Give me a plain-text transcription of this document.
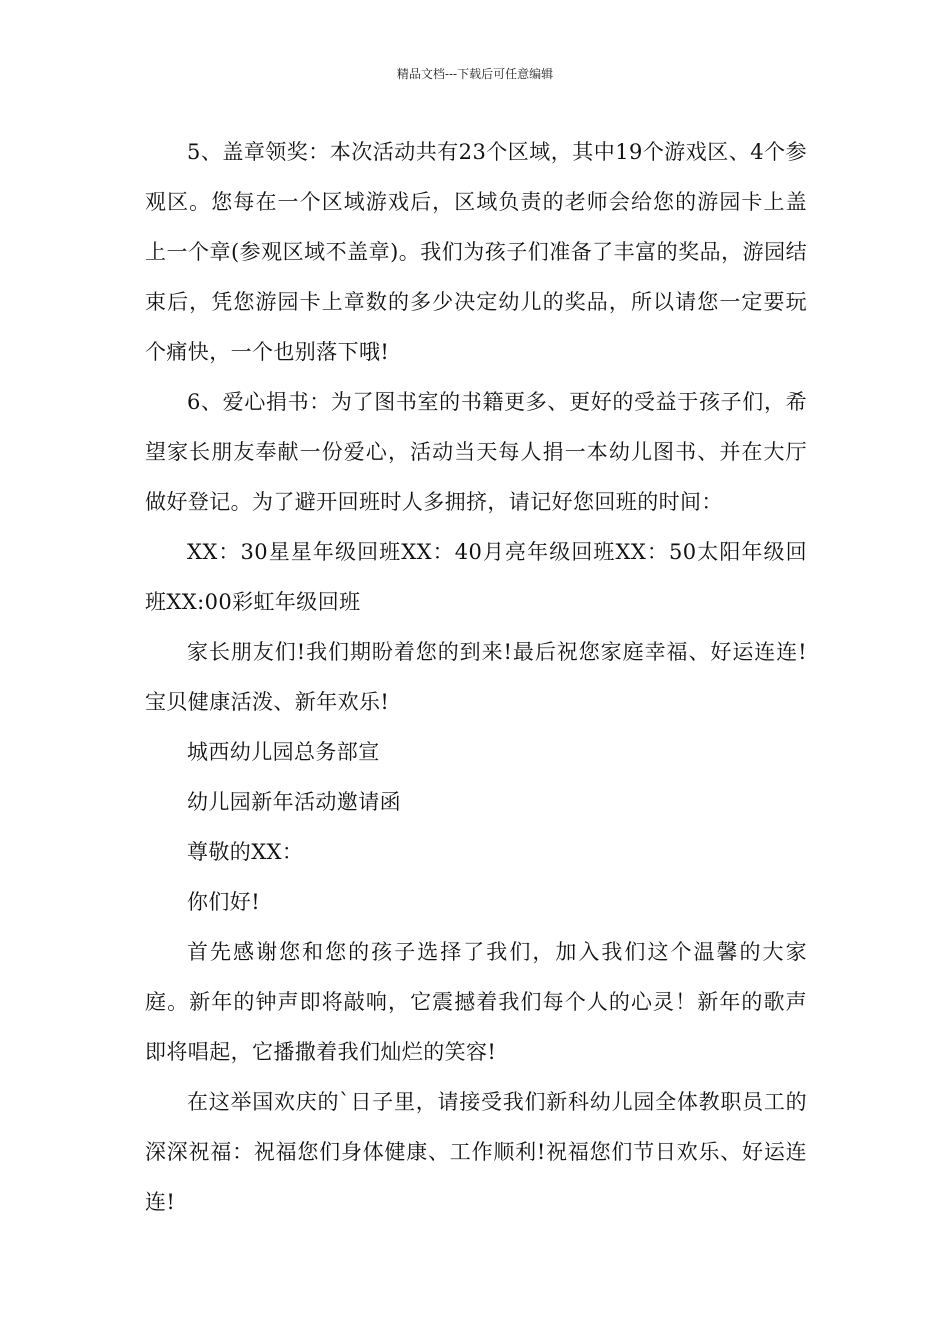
精品文档---下载后可任意编辑

5、盖章领奖：本次活动共有23个区域，其中19个游戏区、4个参观区。您每在一个区域游戏后，区域负责的老师会给您的游园卡上盖上一个章(参观区域不盖章)。我们为孩子们准备了丰富的奖品，游园结束后，凭您游园卡上章数的多少决定幼儿的奖品，所以请您一定要玩个痛快，一个也别落下哦!

6、爱心捐书：为了图书室的书籍更多、更好的受益于孩子们，希望家长朋友奉献一份爱心，活动当天每人捐一本幼儿图书、并在大厅做好登记。为了避开回班时人多拥挤，请记好您回班的时间：

XX：30星星年级回班XX：40月亮年级回班XX：50太阳年级回班XX:00彩虹年级回班

家长朋友们!我们期盼着您的到来!最后祝您家庭幸福、好运连连!宝贝健康活泼、新年欢乐!

城西幼儿园总务部宣

幼儿园新年活动邀请函

尊敬的XX：

你们好!

首先感谢您和您的孩子选择了我们，加入我们这个温馨的大家庭。新年的钟声即将敲响，它震撼着我们每个人的心灵！新年的歌声即将唱起，它播撒着我们灿烂的笑容!

在这举国欢庆的`日子里，请接受我们新科幼儿园全体教职员工的深深祝福：祝福您们身体健康、工作顺利!祝福您们节日欢乐、好运连连!
